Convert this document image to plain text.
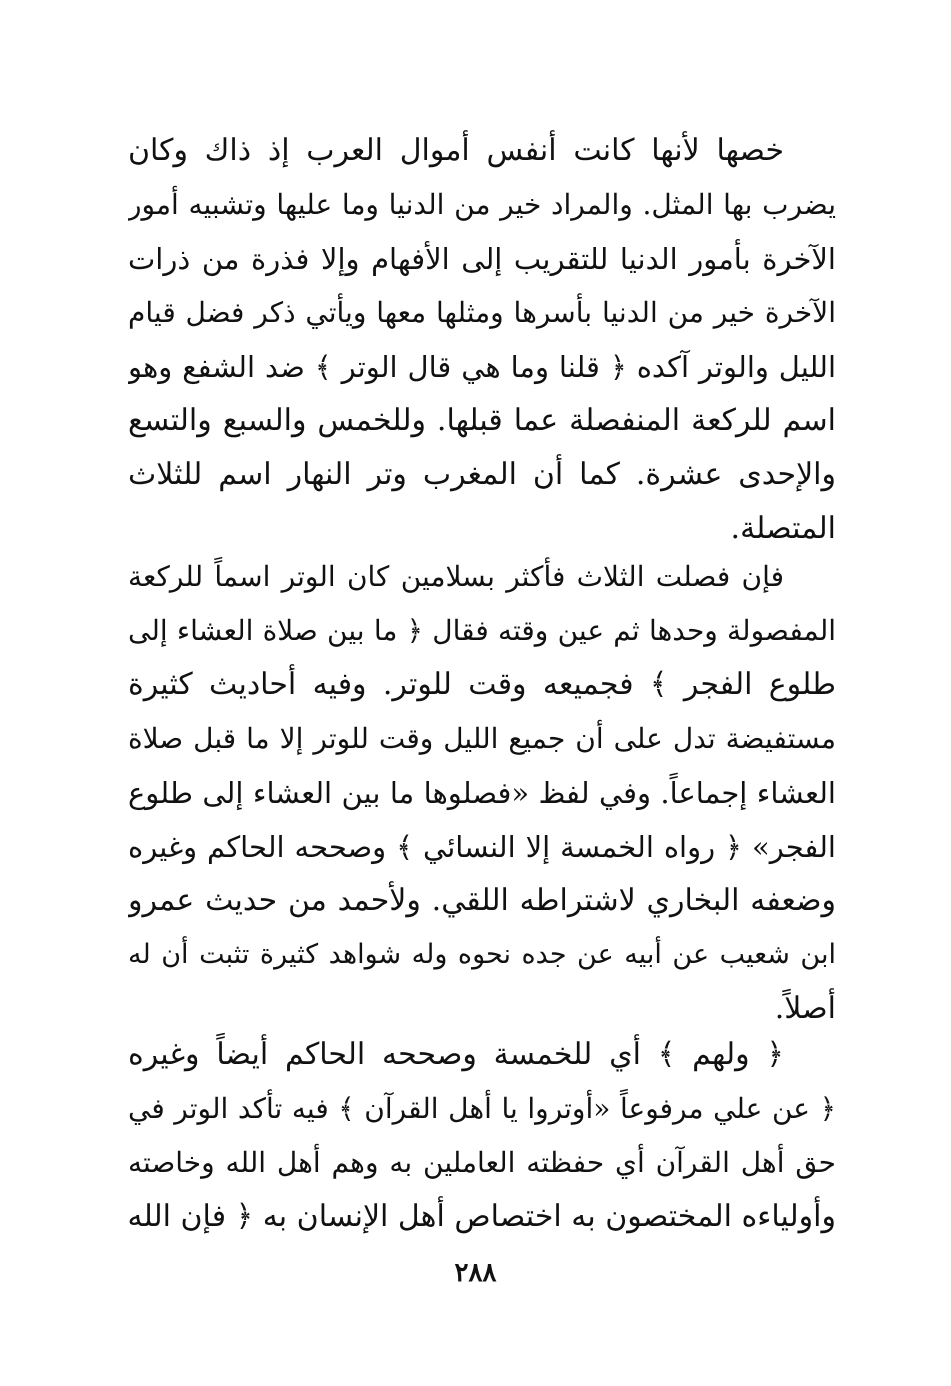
خصها لأنها كانت أنفس أموال العرب إذ ذاك وكان
يضرب بها المثل. والمراد خير من الدنيا وما عليها وتشبيه أمور
الآخرة بأمور الدنيا للتقريب إلى الأفهام وإلا فذرة من ذرات
الآخرة خير من الدنيا بأسرها ومثلها معها ويأتي ذكر فضل قيام
الليل والوتر آكده ﴿ قلنا وما هي قال الوتر ﴾ ضد الشفع وهو
اسم للركعة المنفصلة عما قبلها. وللخمس والسبع والتسع
والإحدى عشرة. كما أن المغرب وتر النهار اسم للثلاث
المتصلة.
فإن فصلت الثلاث فأكثر بسلامين كان الوتر اسماً للركعة
المفصولة وحدها ثم عين وقته فقال ﴿ ما بين صلاة العشاء إلى
طلوع الفجر ﴾ فجميعه وقت للوتر. وفيه أحاديث كثيرة
مستفيضة تدل على أن جميع الليل وقت للوتر إلا ما قبل صلاة
العشاء إجماعاً. وفي لفظ «فصلوها ما بين العشاء إلى طلوع
الفجر» ﴿ رواه الخمسة إلا النسائي ﴾ وصححه الحاكم وغيره
وضعفه البخاري لاشتراطه اللقي. ولأحمد من حديث عمرو
ابن شعيب عن أبيه عن جده نحوه وله شواهد كثيرة تثبت أن له
أصلاً.
﴿ ولهم ﴾ أي للخمسة وصححه الحاكم أيضاً وغيره
﴿ عن علي مرفوعاً «أوتروا يا أهل القرآن ﴾ فيه تأكد الوتر في
حق أهل القرآن أي حفظته العاملين به وهم أهل الله وخاصته
وأولياءه المختصون به اختصاص أهل الإنسان به ﴿ فإن الله
٢٨٨
